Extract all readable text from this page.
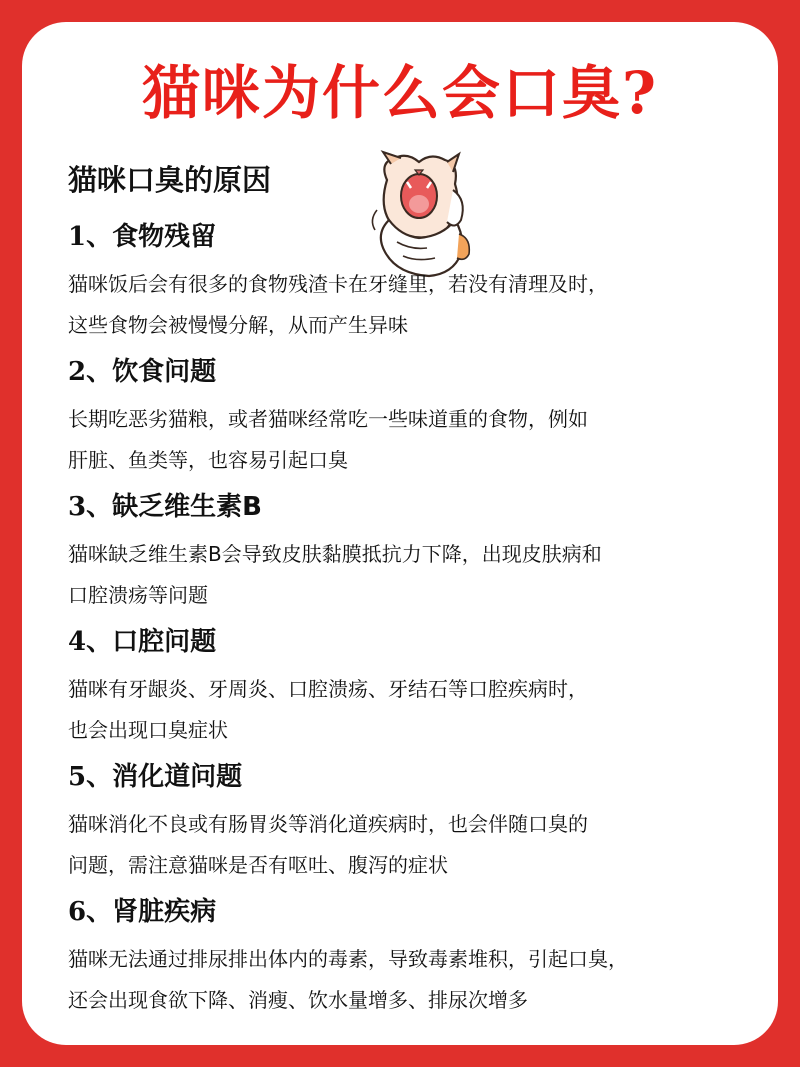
猫咪为什么会口臭?
猫咪口臭的原因
1、食物残留
猫咪饭后会有很多的食物残渣卡在牙缝里，若没有清理及时，
这些食物会被慢慢分解，从而产生异味
2、饮食问题
长期吃恶劣猫粮，或者猫咪经常吃一些味道重的食物，例如
肝脏、鱼类等，也容易引起口臭
3、缺乏维生素B
猫咪缺乏维生素B会导致皮肤黏膜抵抗力下降，出现皮肤病和
口腔溃疡等问题
4、口腔问题
猫咪有牙龈炎、牙周炎、口腔溃疡、牙结石等口腔疾病时，
也会出现口臭症状
5、消化道问题
猫咪消化不良或有肠胃炎等消化道疾病时，也会伴随口臭的
问题，需注意猫咪是否有呕吐、腹泻的症状
6、肾脏疾病
猫咪无法通过排尿排出体内的毒素，导致毒素堆积，引起口臭，
还会出现食欲下降、消瘦、饮水量增多、排尿次增多
